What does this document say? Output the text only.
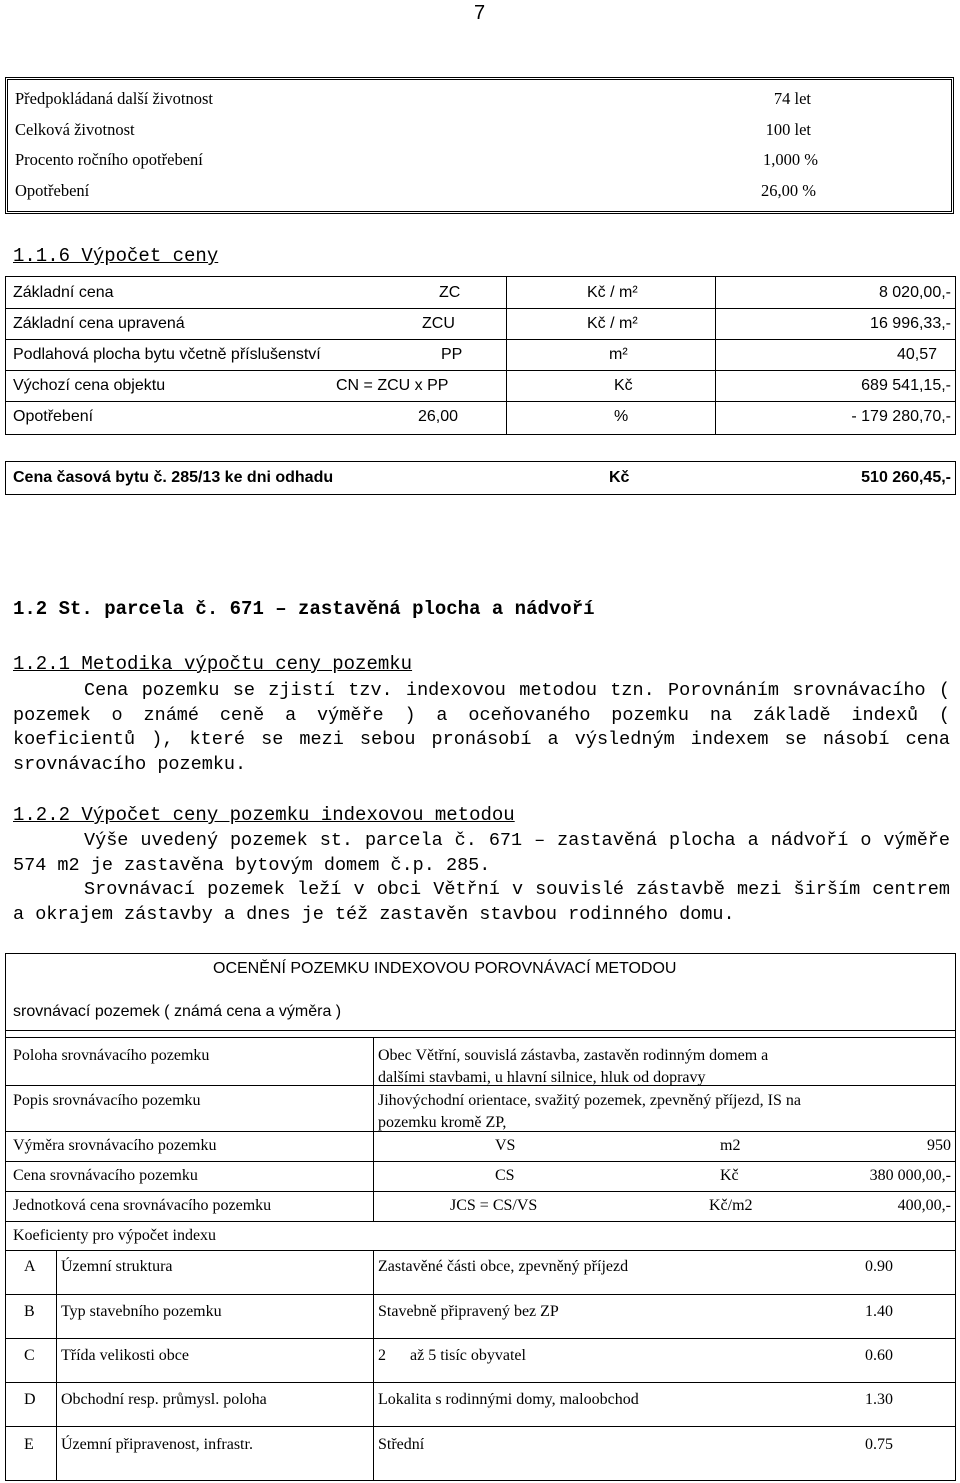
7
Předpokládaná další životnost	74 let
Celková životnost	100 let
Procento ročního opotřebení	1,000 %
Opotřebení	26,00 %
1.1.6 Výpočet ceny
Základní cena	ZC	Kč / m²	8 020,00,-
Základní cena upravená	ZCU	Kč / m²	16 996,33,-
Podlahová plocha bytu včetně příslušenství	PP	m²	40,57
Výchozí cena objektu	CN = ZCU x PP	Kč	689 541,15,-
Opotřebení	26,00	%	- 179 280,70,-
Cena časová bytu č. 285/13 ke dni odhadu	Kč	510 260,45,-
1.2 St. parcela č. 671 – zastavěná plocha a nádvoří
1.2.1 Metodika výpočtu ceny pozemku
Cena pozemku se zjistí tzv. indexovou metodou tzn. Porovnáním srovnávacího ( pozemek o známé ceně a výměře ) a oceňovaného pozemku na základě indexů ( koeficientů ), které se mezi sebou pronásobí a výsledným indexem se násobí cena srovnávacího pozemku.
1.2.2 Výpočet ceny pozemku indexovou metodou
Výše uvedený pozemek st. parcela č. 671 – zastavěná plocha a nádvoří o výměře 574 m2 je zastavěna bytovým domem č.p. 285.
Srovnávací pozemek leží v obci Větřní v souvislé zástavbě mezi širším centrem a okrajem zástavby a dnes je též zastavěn stavbou rodinného domu.
OCENĚNÍ POZEMKU INDEXOVOU POROVNÁVACÍ METODOU
srovnávací pozemek ( známá cena a výměra )
Poloha srovnávacího pozemku	Obec Větřní, souvislá zástavba, zastavěn rodinným domem a
dalšími stavbami, u hlavní silnice, hluk od dopravy
Popis srovnávacího pozemku	Jihovýchodní orientace, svažitý pozemek, zpevněný příjezd, IS na
pozemku kromě ZP,
Výměra srovnávacího pozemku	VS	m2	950
Cena srovnávacího pozemku	CS	Kč	380 000,00,-
Jednotková cena srovnávacího pozemku	JCS = CS/VS	Kč/m2	400,00,-
Koeficienty pro výpočet indexu
A Územní struktura	Zastavěné části obce, zpevněný příjezd	0.90
B Typ stavebního pozemku	Stavebně připravený bez ZP	1.40
C Třída velikosti obce	2      až 5 tisíc obyvatel	0.60
D Obchodní resp. průmysl. poloha	Lokalita s rodinnými domy, maloobchod	1.30
E Územní připravenost, infrastr.	Střední	0.75
